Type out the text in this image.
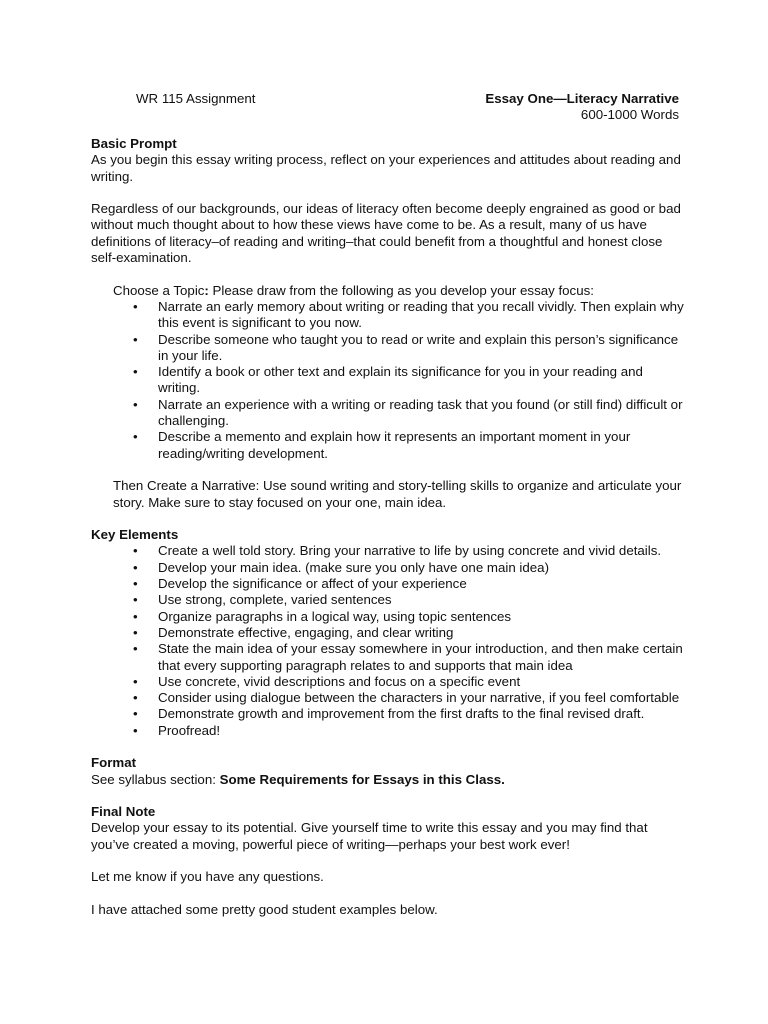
WR 115 Assignment	Essay One—Literacy Narrative
600-1000 Words

Basic Prompt

As you begin this essay writing process, reflect on your experiences and attitudes about reading and writing.

Regardless of our backgrounds, our ideas of literacy often become deeply engrained as good or bad without much thought about to how these views have come to be. As a result, many of us have definitions of literacy–of reading and writing–that could benefit from a thoughtful and honest close self-examination.

Choose a Topic: Please draw from the following as you develop your essay focus:

• Narrate an early memory about writing or reading that you recall vividly. Then explain why this event is significant to you now.
• Describe someone who taught you to read or write and explain this person’s significance in your life.
• Identify a book or other text and explain its significance for you in your reading and writing.
• Narrate an experience with a writing or reading task that you found (or still find) difficult or challenging.
• Describe a memento and explain how it represents an important moment in your reading/writing development.

Then Create a Narrative: Use sound writing and story-telling skills to organize and articulate your story. Make sure to stay focused on your one, main idea.

Key Elements

• Create a well told story. Bring your narrative to life by using concrete and vivid details.
• Develop your main idea. (make sure you only have one main idea)
• Develop the significance or affect of your experience
• Use strong, complete, varied sentences
• Organize paragraphs in a logical way, using topic sentences
• Demonstrate effective, engaging, and clear writing
• State the main idea of your essay somewhere in your introduction, and then make certain that every supporting paragraph relates to and supports that main idea
• Use concrete, vivid descriptions and focus on a specific event
• Consider using dialogue between the characters in your narrative, if you feel comfortable
• Demonstrate growth and improvement from the first drafts to the final revised draft.
• Proofread!

Format

See syllabus section: Some Requirements for Essays in this Class.

Final Note

Develop your essay to its potential. Give yourself time to write this essay and you may find that you’ve created a moving, powerful piece of writing—perhaps your best work ever!

Let me know if you have any questions.

I have attached some pretty good student examples below.
